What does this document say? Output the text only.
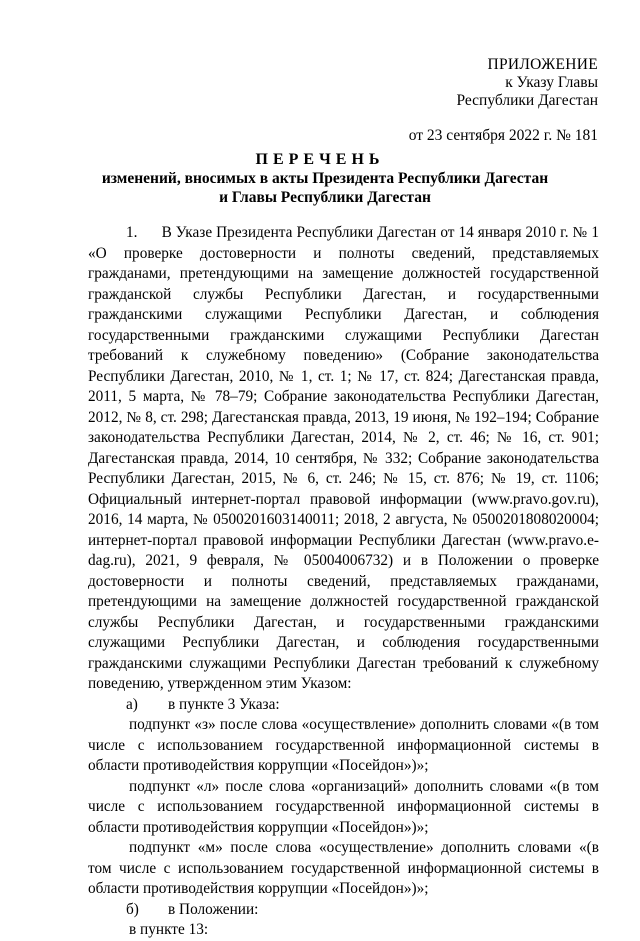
ПРИЛОЖЕНИЕ
к Указу Главы
Республики Дагестан
от 23 сентября 2022 г. № 181
ПЕРЕЧЕНЬ
изменений, вносимых в акты Президента Республики Дагестан
и Главы Республики Дагестан

1.      В Указе Президента Республики Дагестан от 14 января 2010 г. № 1 «О проверке достоверности и полноты сведений, представляемых гражданами, претендующими на замещение должностей государственной гражданской службы Республики Дагестан, и государственными гражданскими служащими Республики Дагестан, и соблюдения государственными гражданскими служащими Республики Дагестан требований к служебному поведению» (Собрание законодательства Республики Дагестан, 2010, № 1, ст. 1; № 17, ст. 824; Дагестанская правда, 2011, 5 марта, № 78–79; Собрание законодательства Республики Дагестан, 2012, № 8, ст. 298; Дагестанская правда, 2013, 19 июня, № 192–194; Собрание законодательства Республики Дагестан, 2014, № 2, ст. 46; № 16, ст. 901; Дагестанская правда, 2014, 10 сентября, № 332; Собрание законодательства Республики Дагестан, 2015, № 6, ст. 246; № 15, ст. 876; № 19, ст. 1106; Официальный интернет-портал правовой информации (www.pravo.gov.ru), 2016, 14 марта, № 0500201603140011; 2018, 2 августа, № 0500201808020004; интернет-портал правовой информации Республики Дагестан (www.pravo.e-dag.ru), 2021, 9 февраля, № 05004006732) и в Положении о проверке достоверности и полноты сведений, представляемых гражданами, претендующими на замещение должностей государственной гражданской службы Республики Дагестан, и государственными гражданскими служащими Республики Дагестан, и соблюдения государственными гражданскими служащими Республики Дагестан требований к служебному поведению, утвержденном этим Указом:

а) в пункте 3 Указа:

подпункт «з» после слова «осуществление» дополнить словами «(в том числе с использованием государственной информационной системы в области противодействия коррупции «Посейдон»)»;

подпункт «л» после слова «организаций» дополнить словами «(в том числе с использованием государственной информационной системы в области противодействия коррупции «Посейдон»)»;

подпункт «м» после слова «осуществление» дополнить словами «(в том числе с использованием государственной информационной системы в области противодействия коррупции «Посейдон»)»;

б) в Положении:

в пункте 13:
